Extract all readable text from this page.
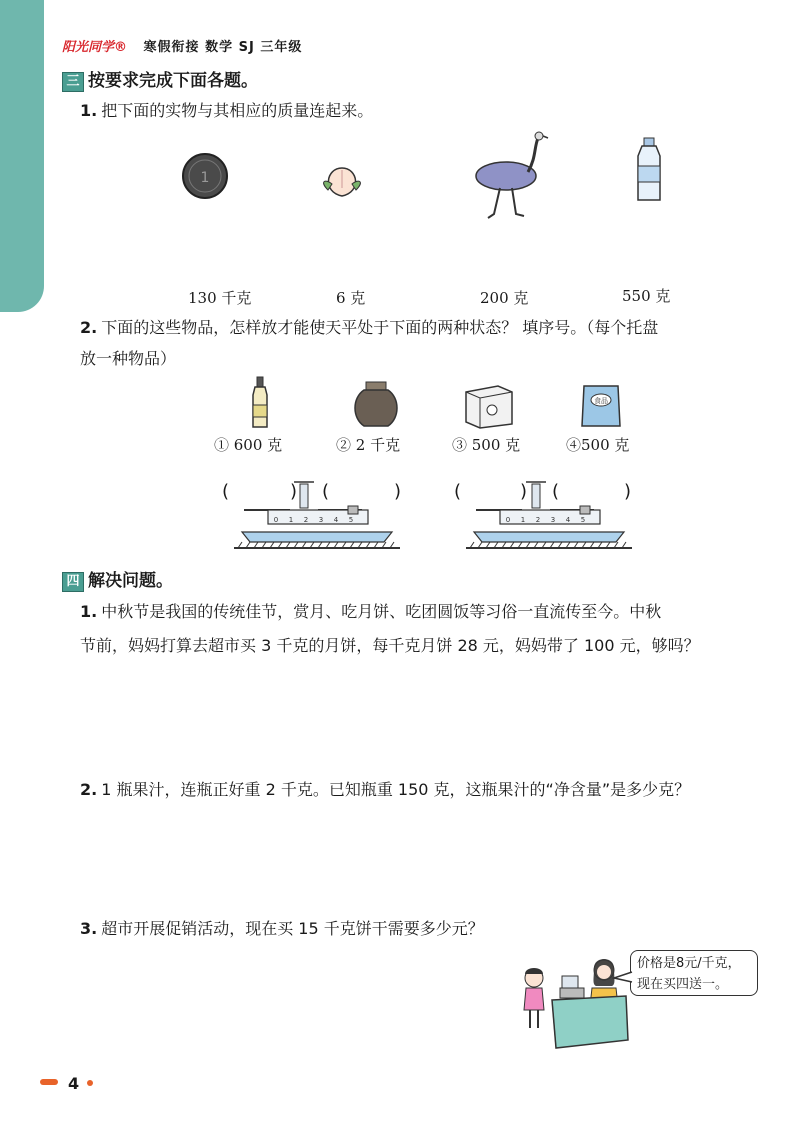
阳光同学® 寒假衔接 数学 SJ 三年级
三 按要求完成下面各题。
1. 把下面的实物与其相应的质量连起来。
1
130 千克	6 克	200 克	550 克
2. 下面的这些物品，怎样放才能使天平处于下面的两种状态？ 填序号。（每个托盘
放一种物品）
食品
① 600 克	② 2 千克	③ 500 克	④500 克
(	) (	)	(	) (	)
0 1 2 3 4 5	0 1 2 3 4 5
四 解决问题。
1. 中秋节是我国的传统佳节，赏月、吃月饼、吃团圆饭等习俗一直流传至今。中秋
节前，妈妈打算去超市买 3 千克的月饼，每千克月饼 28 元，妈妈带了 100 元，够吗？
2. 1 瓶果汁，连瓶正好重 2 千克。已知瓶重 150 克，这瓶果汁的“净含量”是多少克？
3. 超市开展促销活动，现在买 15 千克饼干需要多少元？
价格是8元/千克，
现在买四送一。
4
